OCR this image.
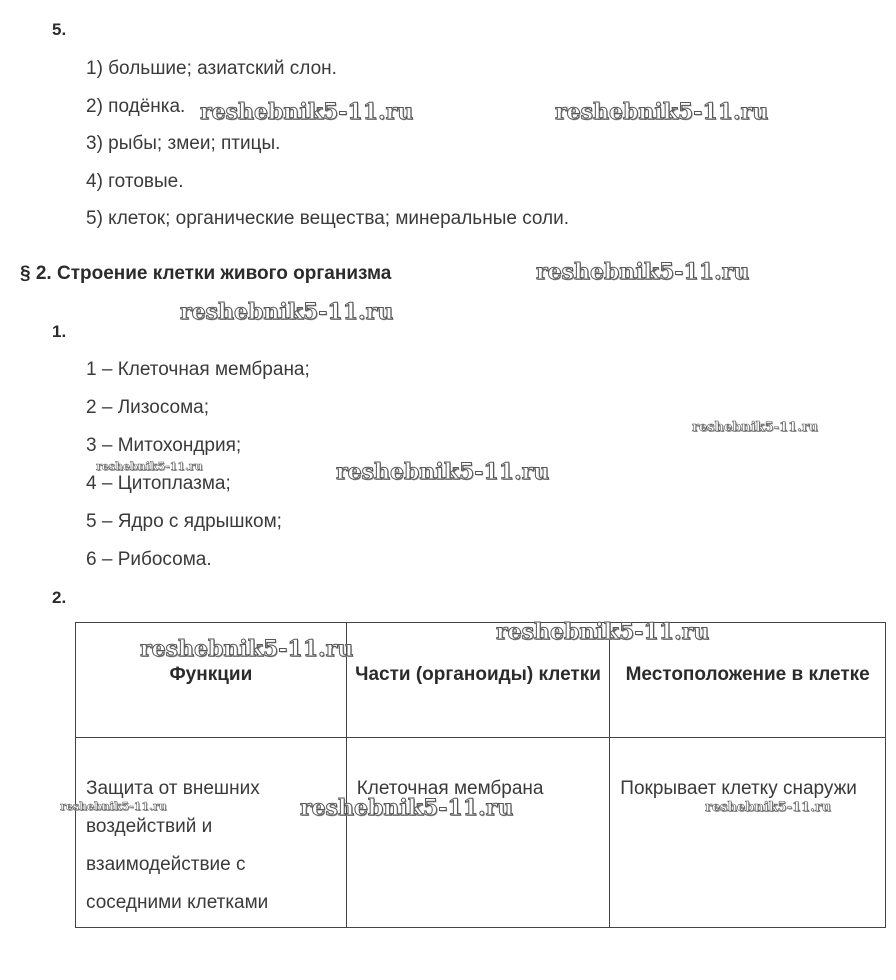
5.
1) большие; азиатский слон.
2) подёнка.
3) рыбы; змеи; птицы.
4) готовые.
5) клеток; органические вещества; минеральные соли.
§ 2. Строение клетки живого организма
1.
1 – Клеточная мембрана;
2 – Лизосома;
3 – Митохондрия;
4 – Цитоплазма;
5 – Ядро с ядрышком;
6 – Рибосома.
2.
Функции	Части (органоиды) клетки	Местоположение в клетке
Защита от внешних воздействий и взаимодействие с соседними клетками	Клеточная мембрана	Покрывает клетку снаружи
reshebnik5-11.ru	reshebnik5-11.ru
reshebnik5-11.ru
reshebnik5-11.ru
reshebnik5-11.ru
reshebnik5-11.ru	reshebnik5-11.ru
reshebnik5-11.ru
reshebnik5-11.ru
reshebnik5-11.ru	reshebnik5-11.ru	reshebnik5-11.ru
